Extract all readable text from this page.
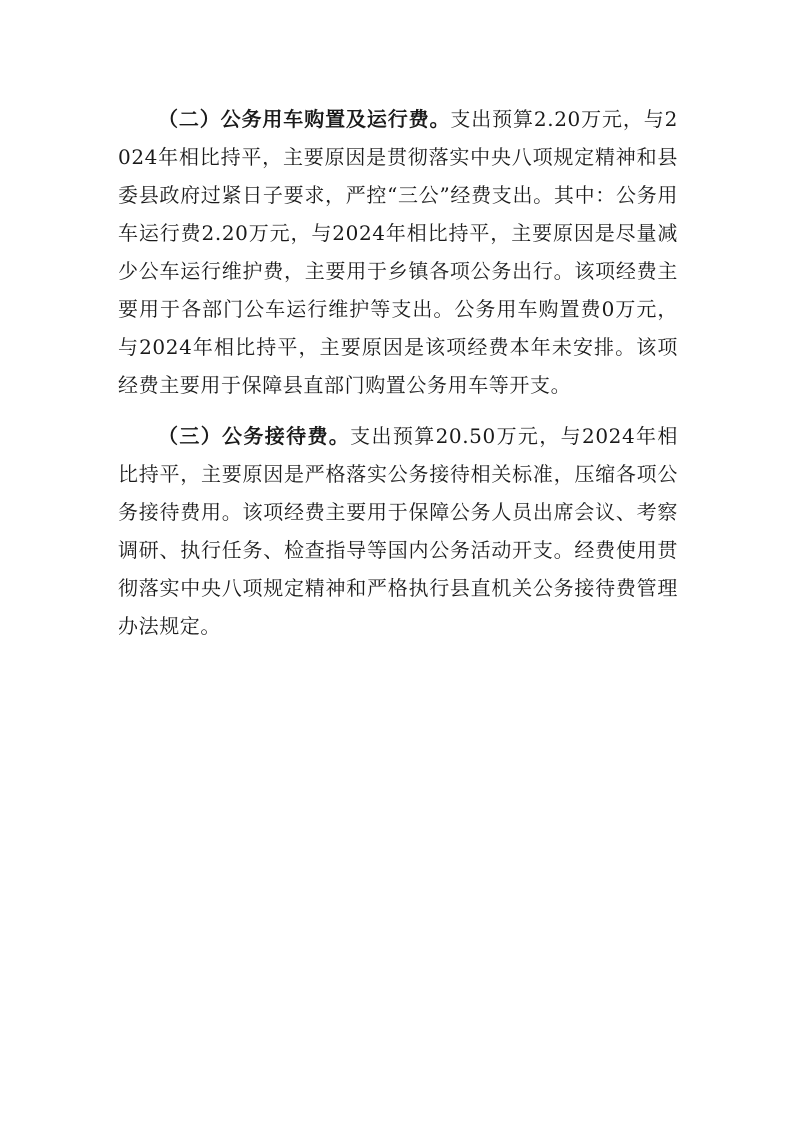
（二）公务用车购置及运行费。支出预算2.20万元，与2024年相比持平，主要原因是贯彻落实中央八项规定精神和县委县政府过紧日子要求，严控“三公”经费支出。其中：公务用车运行费2.20万元，与2024年相比持平，主要原因是尽量减少公车运行维护费，主要用于乡镇各项公务出行。该项经费主要用于各部门公车运行维护等支出。公务用车购置费0万元，与2024年相比持平，主要原因是该项经费本年未安排。该项经费主要用于保障县直部门购置公务用车等开支。

（三）公务接待费。支出预算20.50万元，与2024年相比持平，主要原因是严格落实公务接待相关标准，压缩各项公务接待费用。该项经费主要用于保障公务人员出席会议、考察调研、执行任务、检查指导等国内公务活动开支。经费使用贯彻落实中央八项规定精神和严格执行县直机关公务接待费管理办法规定。
